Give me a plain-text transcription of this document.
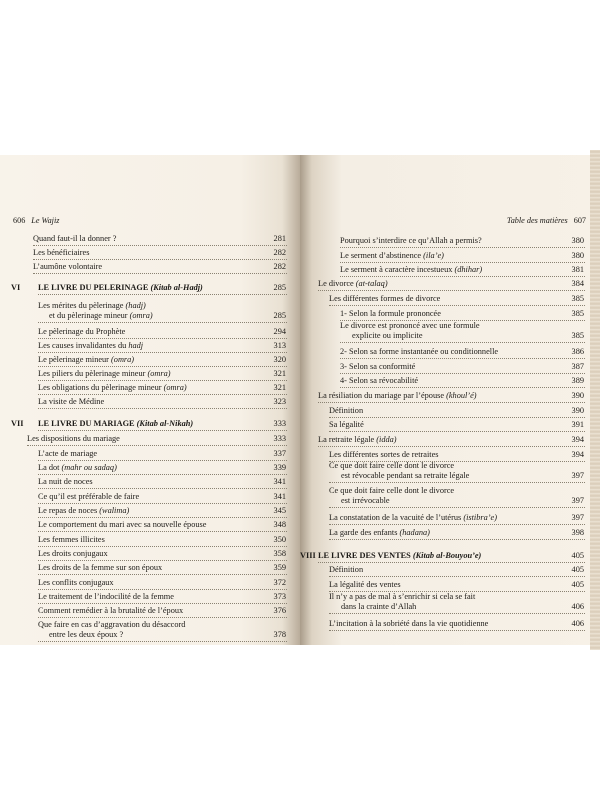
606 Le Wajiz
Quand faut-il la donner ?	281
Les bénéficiaires	282
L’aumône volontaire	282
VI LE LIVRE DU PELERINAGE (Kitab al-Hadj)	285
Les mérites du pèlerinage (hadj)
et du pèlerinage mineur (omra)	285
Le pèlerinage du Prophète	294
Les causes invalidantes du hadj	313
Le pèlerinage mineur (omra)	320
Les piliers du pèlerinage mineur (omra)	321
Les obligations du pèlerinage mineur (omra)	321
La visite de Médine	323
VII LE LIVRE DU MARIAGE (Kitab al-Nikah)	333
Les dispositions du mariage	333
L’acte de mariage	337
La dot (mahr ou sadaq)	339
La nuit de noces	341
Ce qu’il est préférable de faire	341
Le repas de noces (walima)	345
Le comportement du mari avec sa nouvelle épouse	348
Les femmes illicites	350
Les droits conjugaux	358
Les droits de la femme sur son époux	359
Les conflits conjugaux	372
Le traitement de l’indocilité de la femme	373
Comment remédier à la brutalité de l’époux	376
Que faire en cas d’aggravation du désaccord
entre les deux époux ?	378
Table des matières 607
Pourquoi s’interdire ce qu’Allah a permis?	380
Le serment d’abstinence (ila’e)	380
Le serment à caractère incestueux (dhihar)	381
Le divorce (at-talaq)	384
Les différentes formes de divorce	385
1- Selon la formule prononcée	385
Le divorce est prononcé avec une formule
explicite ou implicite	385
2- Selon sa forme instantanée ou conditionnelle	386
3- Selon sa conformité	387
4- Selon sa révocabilité	389
La résiliation du mariage par l’épouse (khoul’é)	390
Définition	390
Sa légalité	391
La retraite légale (idda)	394
Les différentes sortes de retraites	394
Ce que doit faire celle dont le divorce
est révocable pendant sa retraite légale	397
Ce que doit faire celle dont le divorce
est irrévocable	397
La constatation de la vacuité de l’utérus (istibra’e)	397
La garde des enfants (hadana)	398
VIII LE LIVRE DES VENTES (Kitab al-Bouyou’e)	405
Définition	405
La légalité des ventes	405
Il n’y a pas de mal à s’enrichir si cela se fait
dans la crainte d’Allah	406
L’incitation à la sobriété dans la vie quotidienne	406
